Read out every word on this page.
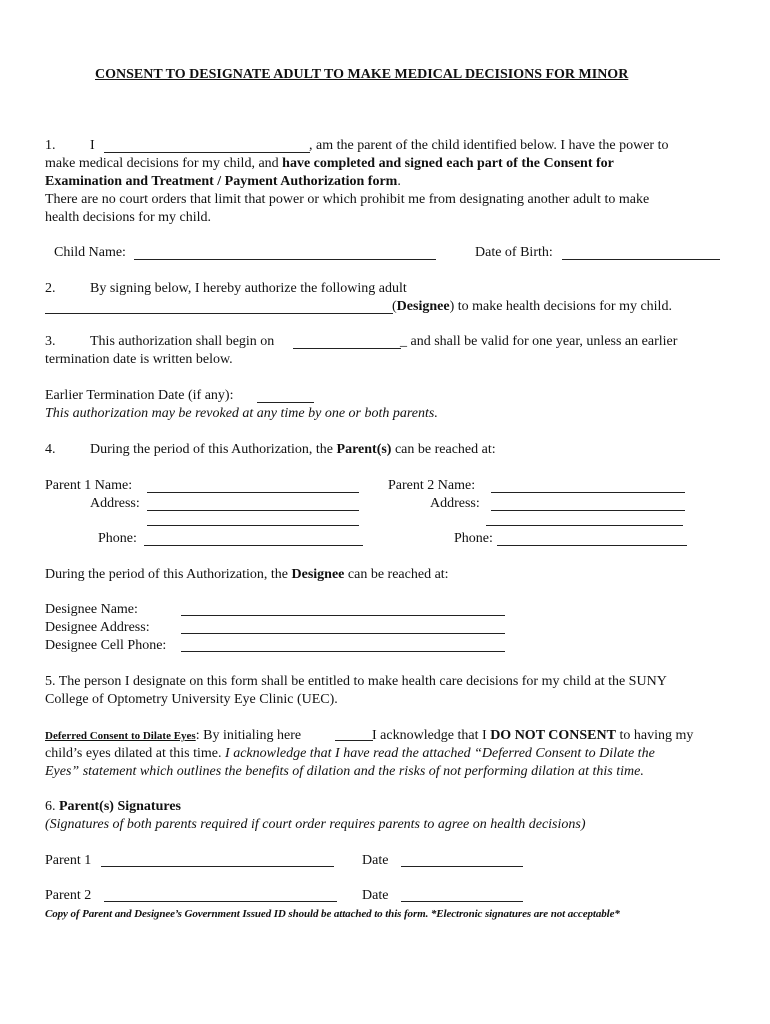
CONSENT TO DESIGNATE ADULT TO MAKE MEDICAL DECISIONS FOR MINOR
1. I	, am the parent of the child identified below. I have the power to
make medical decisions for my child, and have completed and signed each part of the Consent for
Examination and Treatment / Payment Authorization form.
There are no court orders that limit that power or which prohibit me from designating another adult to make
health decisions for my child.
Child Name:	Date of Birth:
2. By signing below, I hereby authorize the following adult
(Designee) to make health decisions for my child.
3. This authorization shall begin on	_ and shall be valid for one year, unless an earlier
termination date is written below.
Earlier Termination Date (if any):
This authorization may be revoked at any time by one or both parents.
4. During the period of this Authorization, the Parent(s) can be reached at:
Parent 1 Name:
Address:
Phone:
Parent 2 Name:
Address:
Phone:
During the period of this Authorization, the Designee can be reached at:
Designee Name:
Designee Address:
Designee Cell Phone:
5. The person I designate on this form shall be entitled to make health care decisions for my child at the SUNY
College of Optometry University Eye Clinic (UEC).
Deferred Consent to Dilate Eyes: By initialing here	I acknowledge that I DO NOT CONSENT to having my
child’s eyes dilated at this time. I acknowledge that I have read the attached “Deferred Consent to Dilate the
Eyes” statement which outlines the benefits of dilation and the risks of not performing dilation at this time.
6. Parent(s) Signatures
(Signatures of both parents required if court order requires parents to agree on health decisions)
Parent 1	Date
Parent 2	Date
Copy of Parent and Designee’s Government Issued ID should be attached to this form. *Electronic signatures are not acceptable*
